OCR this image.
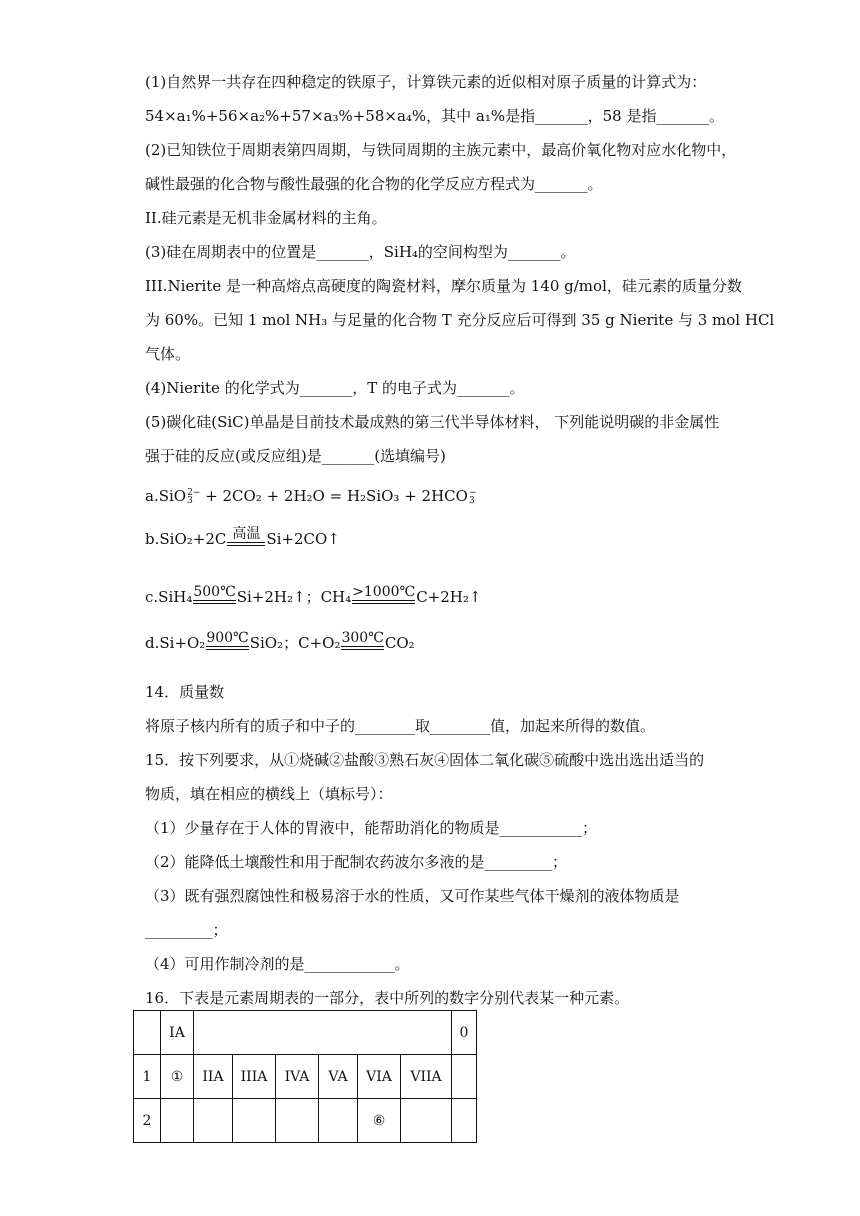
(1)自然界一共存在四种稳定的铁原子，计算铁元素的近似相对原子质量的计算式为：
54×a₁%+56×a₂%+57×a₃%+58×a₄%，其中 a₁%是指_______，58 是指_______。
(2)已知铁位于周期表第四周期，与铁同周期的主族元素中，最高价氧化物对应水化物中，
碱性最强的化合物与酸性最强的化合物的化学反应方程式为_______。
II.硅元素是无机非金属材料的主角。
(3)硅在周期表中的位置是_______，SiH₄的空间构型为_______。
III.Nierite 是一种高熔点高硬度的陶瓷材料，摩尔质量为 140 g/mol，硅元素的质量分数
为 60%。已知 1 mol NH₃ 与足量的化合物 T 充分反应后可得到 35 g Nierite 与 3 mol HCl
气体。
(4)Nierite 的化学式为_______，T 的电子式为_______。
(5)碳化硅(SiC)单晶是目前技术最成熟的第三代半导体材料， 下列能说明碳的非金属性
强于硅的反应(或反应组)是_______(选填编号)
a.SiO 2−
3 + 2CO₂ + 2H₂O = H₂SiO₃ + 2HCO −
3
b.SiO₂+2C 高温 Si+2CO↑
c.SiH₄ 500℃ Si+2H₂↑；CH₄ >1000℃ C+2H₂↑
d.Si+O₂ 900℃ SiO₂；C+O₂ 300℃ CO₂
14．质量数
将原子核内所有的质子和中子的________取________值，加起来所得的数值。
15．按下列要求，从①烧碱②盐酸③熟石灰④固体二氧化碳⑤硫酸中选出选出适当的
物质，填在相应的横线上（填标号）：
（1）少量存在于人体的胃液中，能帮助消化的物质是___________；
（2）能降低土壤酸性和用于配制农药波尔多液的是_________；
（3）既有强烈腐蚀性和极易溶于水的性质，又可作某些气体干燥剂的液体物质是
_________；
（4）可用作制冷剂的是____________。
16．下表是元素周期表的一部分，表中所列的数字分别代表某一种元素。
	IA							0
1	①	IIA	IIIA	IVA	VA	VIA	VIIA	
2						⑥		
